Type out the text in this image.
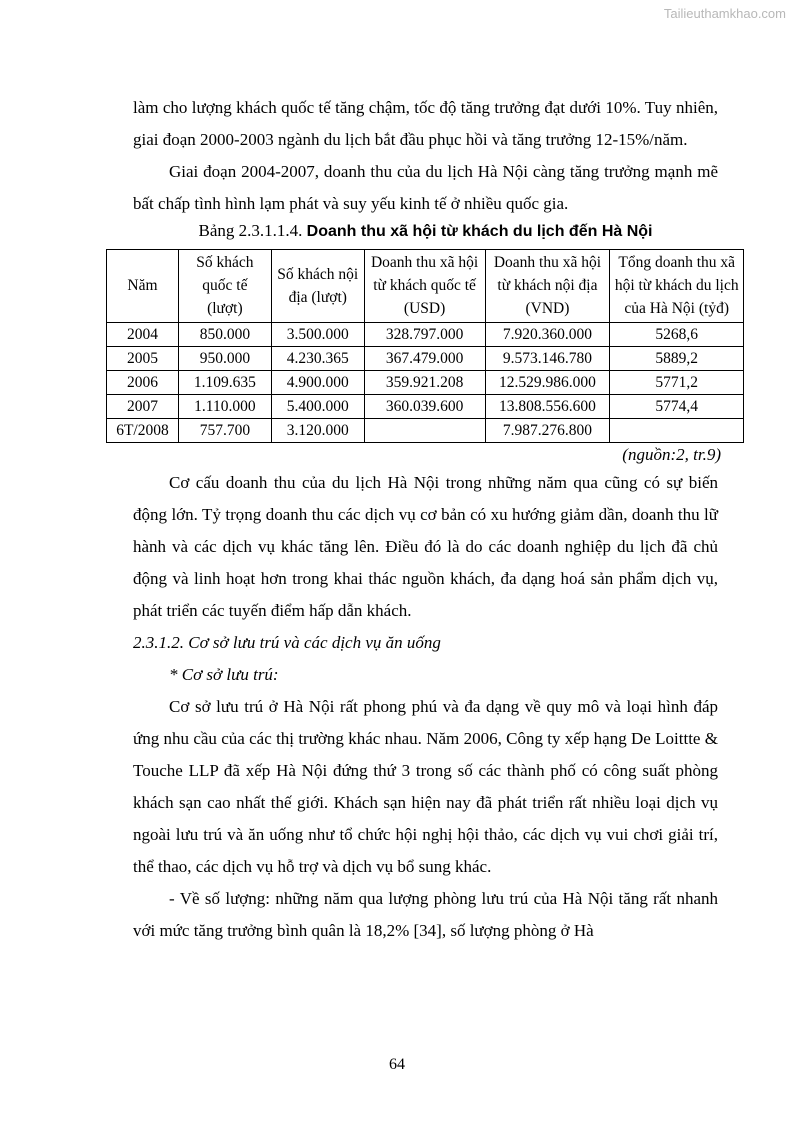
Tailieuthamkhao.com

làm cho lượng khách quốc tế tăng chậm, tốc độ tăng trưởng đạt dưới 10%. Tuy nhiên, giai đoạn 2000-2003 ngành du lịch bắt đầu phục hồi và tăng trưởng 12-15%/năm.

Giai đoạn 2004-2007, doanh thu của du lịch Hà Nội càng tăng trưởng mạnh mẽ bất chấp tình hình lạm phát và suy yếu kinh tế ở nhiều quốc gia.

Bảng 2.3.1.1.4. Doanh thu xã hội từ khách du lịch đến Hà Nội
Năm	Số khách quốc tế (lượt)	Số khách nội địa (lượt)	Doanh thu xã hội từ khách quốc tế (USD)	Doanh thu xã hội từ khách nội địa (VND)	Tổng doanh thu xã hội từ khách du lịch của Hà Nội (tỷđ)
2004	850.000	3.500.000	328.797.000	7.920.360.000	5268,6
2005	950.000	4.230.365	367.479.000	9.573.146.780	5889,2
2006	1.109.635	4.900.000	359.921.208	12.529.986.000	5771,2
2007	1.110.000	5.400.000	360.039.600	13.808.556.600	5774,4
6T/2008	757.700	3.120.000		7.987.276.800	
(nguồn:2, tr.9)

Cơ cấu doanh thu của du lịch Hà Nội trong những năm qua cũng có sự biến động lớn. Tỷ trọng doanh thu các dịch vụ cơ bản có xu hướng giảm dần, doanh thu lữ hành và các dịch vụ khác tăng lên. Điều đó là do các doanh nghiệp du lịch đã chủ động và linh hoạt hơn trong khai thác nguồn khách, đa dạng hoá sản phẩm dịch vụ, phát triển các tuyến điểm hấp dẫn khách.

2.3.1.2. Cơ sở lưu trú và các dịch vụ ăn uống

* Cơ sở lưu trú:

Cơ sở lưu trú ở Hà Nội rất phong phú và đa dạng về quy mô và loại hình đáp ứng nhu cầu của các thị trường khác nhau. Năm 2006, Công ty xếp hạng De Loittte & Touche LLP đã xếp Hà Nội đứng thứ 3 trong số các thành phố có công suất phòng khách sạn cao nhất thế giới. Khách sạn hiện nay đã phát triển rất nhiều loại dịch vụ ngoài lưu trú và ăn uống như tổ chức hội nghị hội thảo, các dịch vụ vui chơi giải trí, thể thao, các dịch vụ hỗ trợ và dịch vụ bổ sung khác.

- Về số lượng: những năm qua lượng phòng lưu trú của Hà Nội tăng rất nhanh với mức tăng trưởng bình quân là 18,2% [34], số lượng phòng ở Hà

64
